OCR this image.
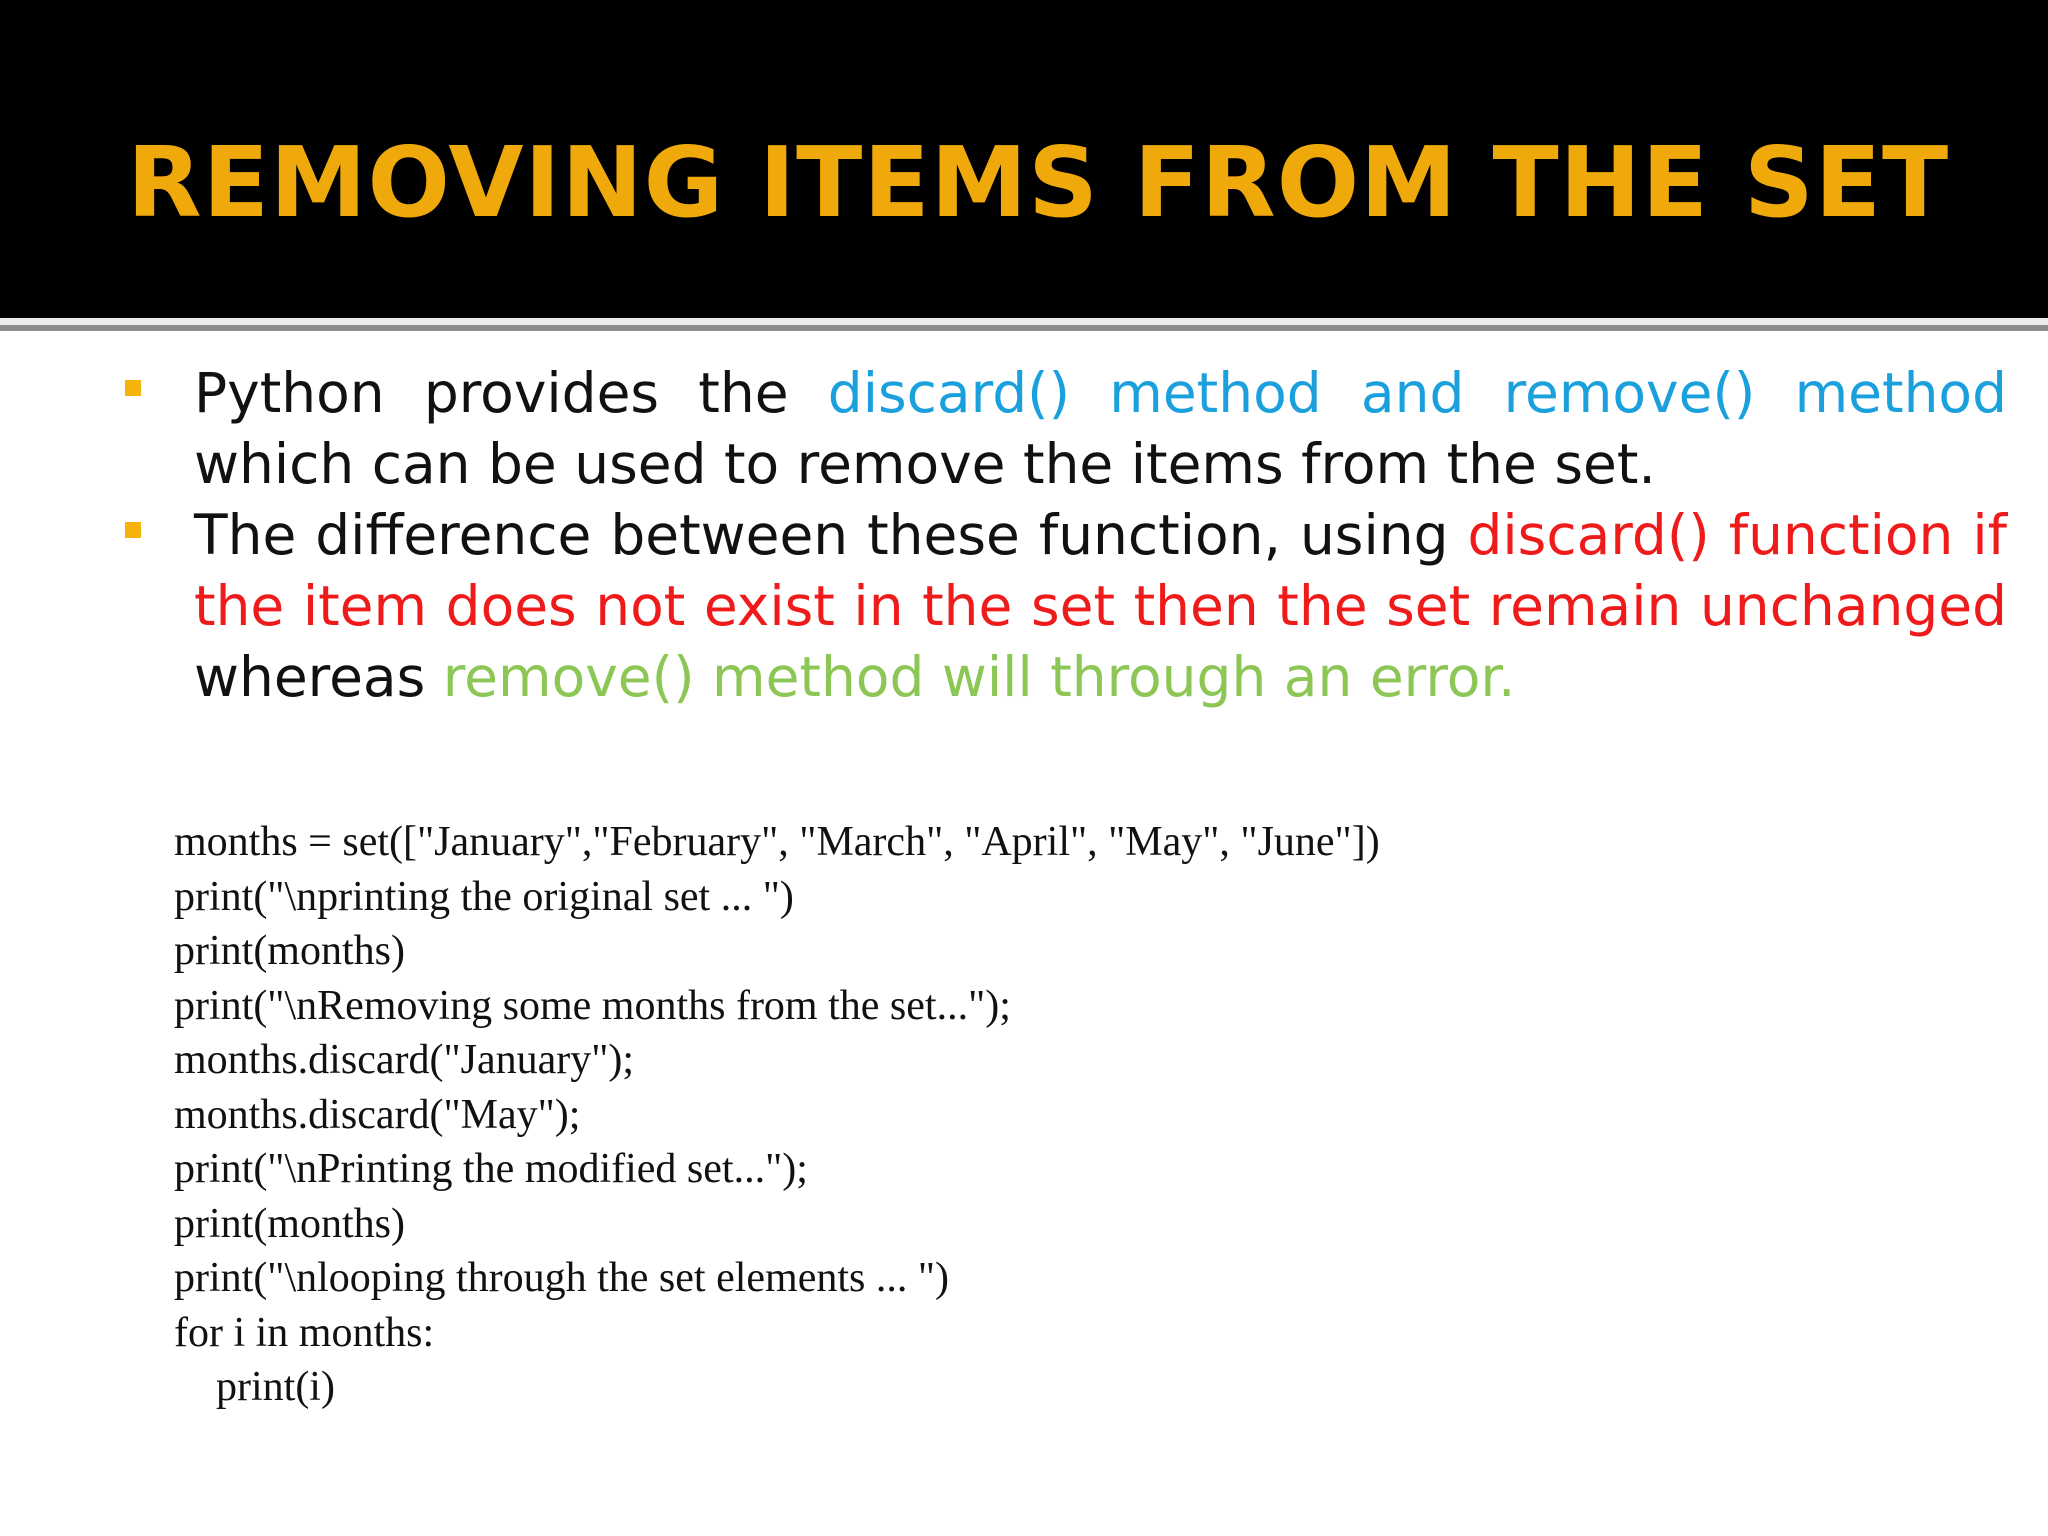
REMOVING ITEMS FROM THE SET
Python provides the discard() method and remove() method which can be used to remove the items from the set.
The difference between these function, using discard() function if the item does not exist in the set then the set remain unchanged whereas remove() method will through an error.
months = set(["January","February", "March", "April", "May", "June"])
print("\nprinting the original set ... ")
print(months)
print("\nRemoving some months from the set...");
months.discard("January");
months.discard("May");
print("\nPrinting the modified set...");
print(months)
print("\nlooping through the set elements ... ")
for i in months:
print(i)
